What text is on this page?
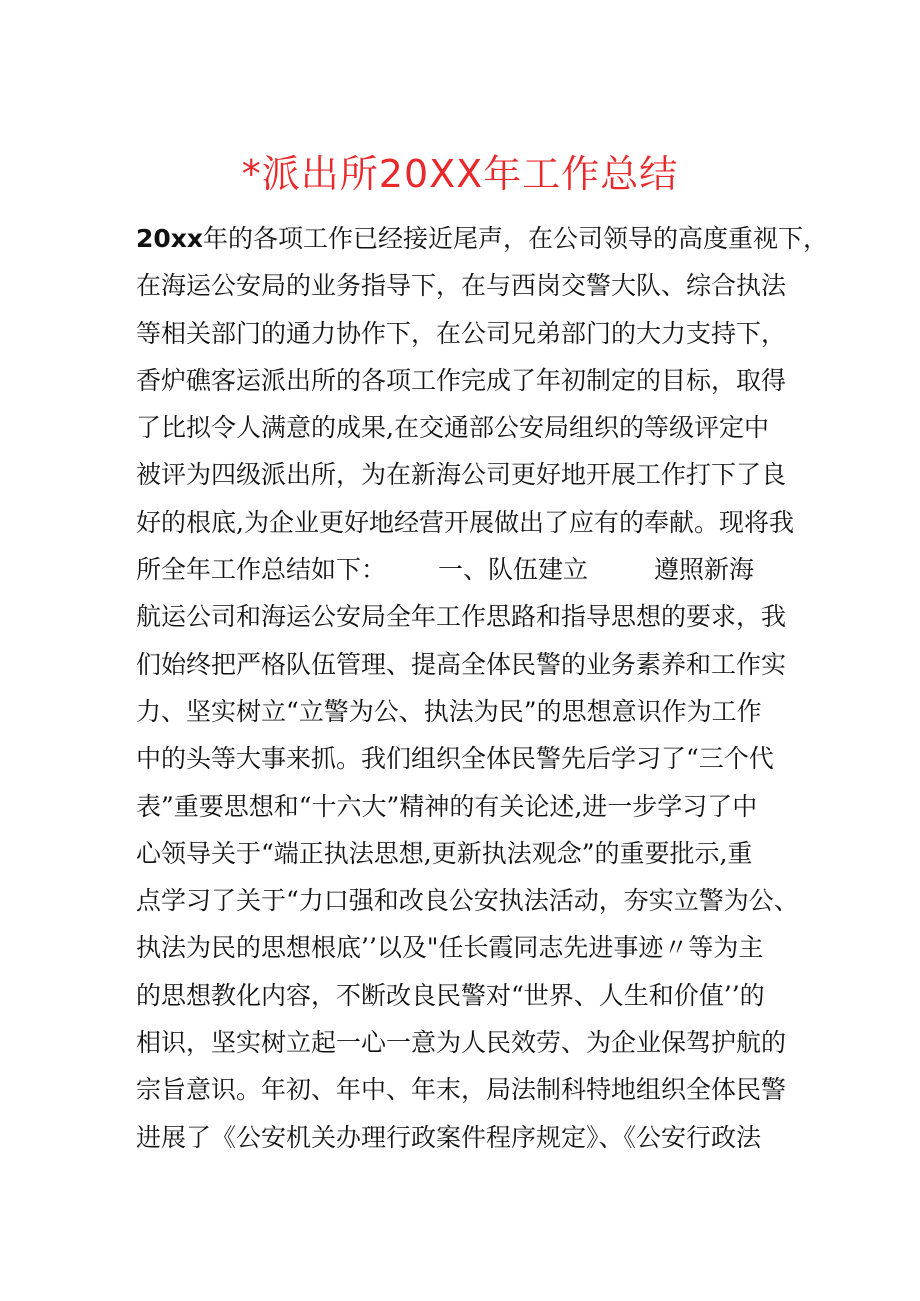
*派出所20XX年工作总结
20xx年的各项工作已经接近尾声，在公司领导的高度重视下，
在海运公安局的业务指导下，在与西岗交警大队、综合执法
等相关部门的通力协作下，在公司兄弟部门的大力支持下，
香炉礁客运派出所的各项工作完成了年初制定的目标，取得
了比拟令人满意的成果,在交通部公安局组织的等级评定中
被评为四级派出所，为在新海公司更好地开展工作打下了良
好的根底,为企业更好地经营开展做出了应有的奉献。现将我
所全年工作总结如下： 一、队伍建立	遵照新海
航运公司和海运公安局全年工作思路和指导思想的要求，我
们始终把严格队伍管理、提高全体民警的业务素养和工作实
力、坚实树立“立警为公、执法为民”的思想意识作为工作
中的头等大事来抓。我们组织全体民警先后学习了“三个代
表”重要思想和“十六大”精神的有关论述,进一步学习了中
心领导关于“端正执法思想,更新执法观念”的重要批示,重
点学习了关于“力口强和改良公安执法活动，夯实立警为公、
执法为民的思想根底’’以及"任长霞同志先进事迹〃等为主
的思想教化内容，不断改良民警对“世界、人生和价值’’的
相识，坚实树立起一心一意为人民效劳、为企业保驾护航的
宗旨意识。年初、年中、年末，局法制科特地组织全体民警
进展了《公安机关办理行政案件程序规定》、《公安行政法
